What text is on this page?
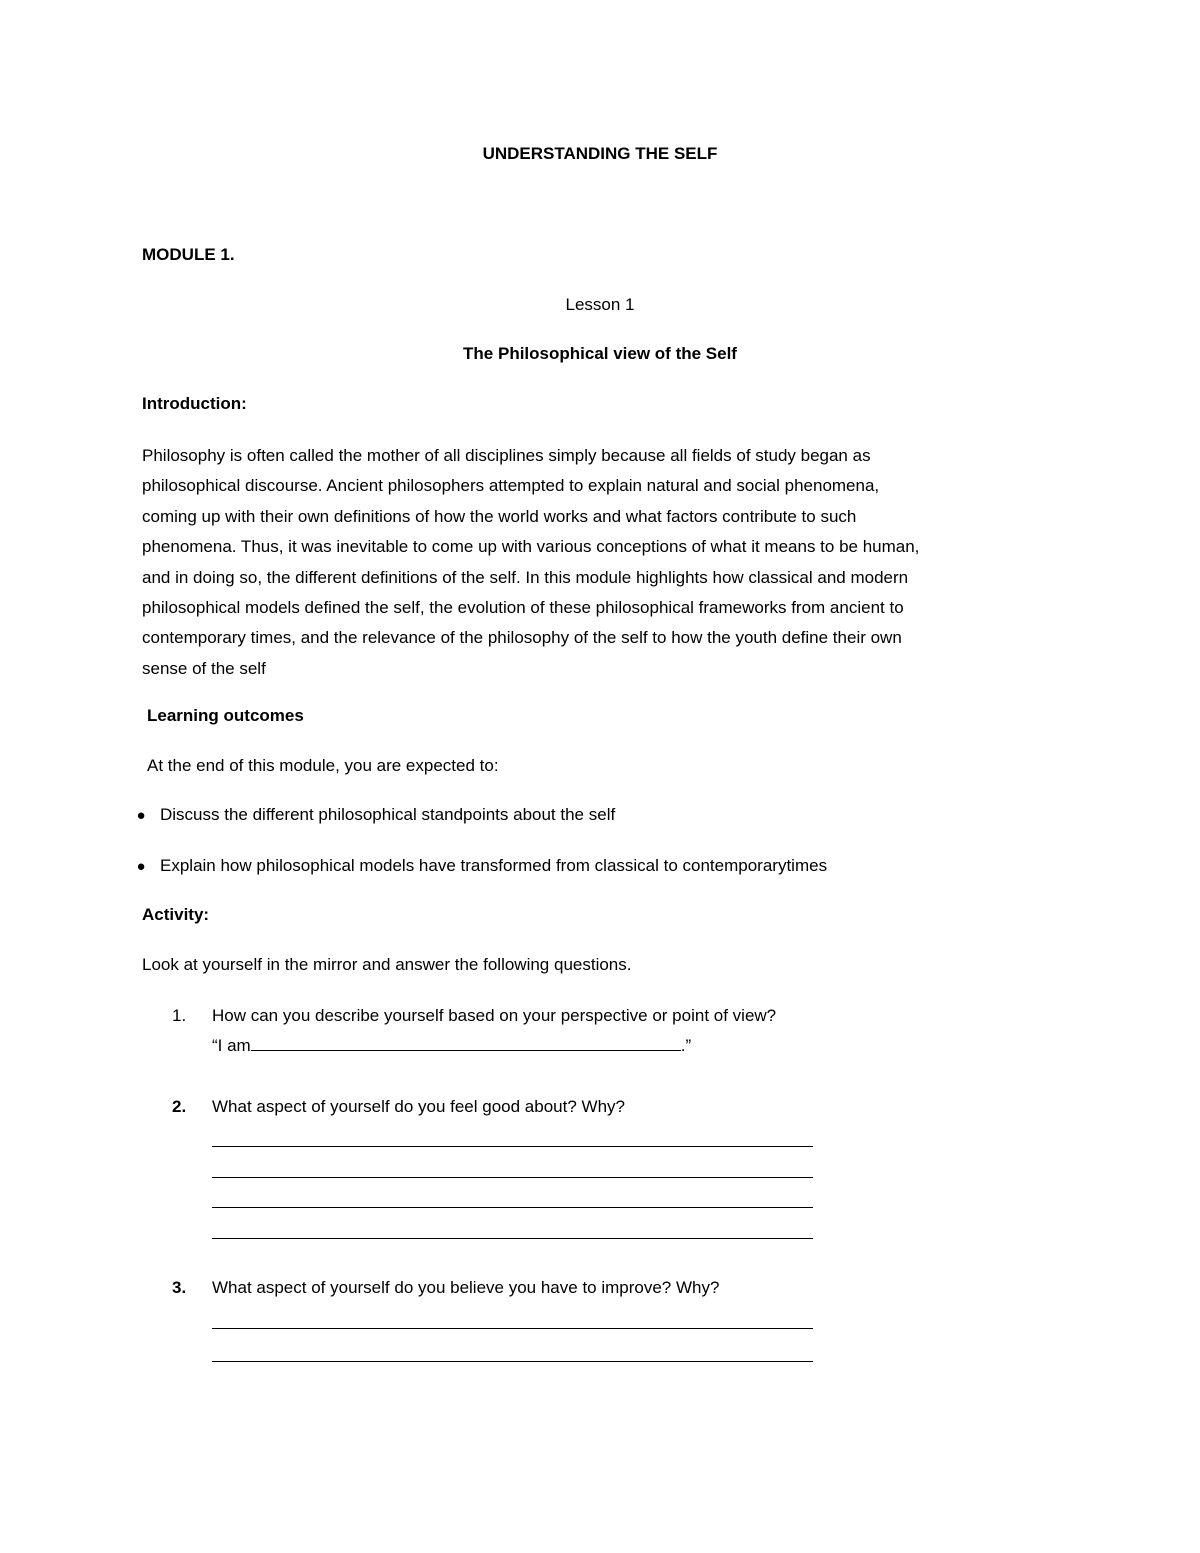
UNDERSTANDING THE SELF
MODULE 1.
Lesson 1
The Philosophical view of the Self
Introduction:
Philosophy is often called the mother of all disciplines simply because all fields of study began as
philosophical discourse. Ancient philosophers attempted to explain natural and social phenomena,
coming up with their own definitions of how the world works and what factors contribute to such
phenomena. Thus, it was inevitable to come up with various conceptions of what it means to be human,
and in doing so, the different definitions of the self. In this module highlights how classical and modern
philosophical models defined the self, the evolution of these philosophical frameworks from ancient to
contemporary times, and the relevance of the philosophy of the self to how the youth define their own
sense of the self
Learning outcomes
At the end of this module, you are expected to:
● Discuss the different philosophical standpoints about the self
● Explain how philosophical models have transformed from classical to contemporarytimes
Activity:
Look at yourself in the mirror and answer the following questions.
1. How can you describe yourself based on your perspective or point of view?
“I am	.”
2. What aspect of yourself do you feel good about? Why?
3. What aspect of yourself do you believe you have to improve? Why?
